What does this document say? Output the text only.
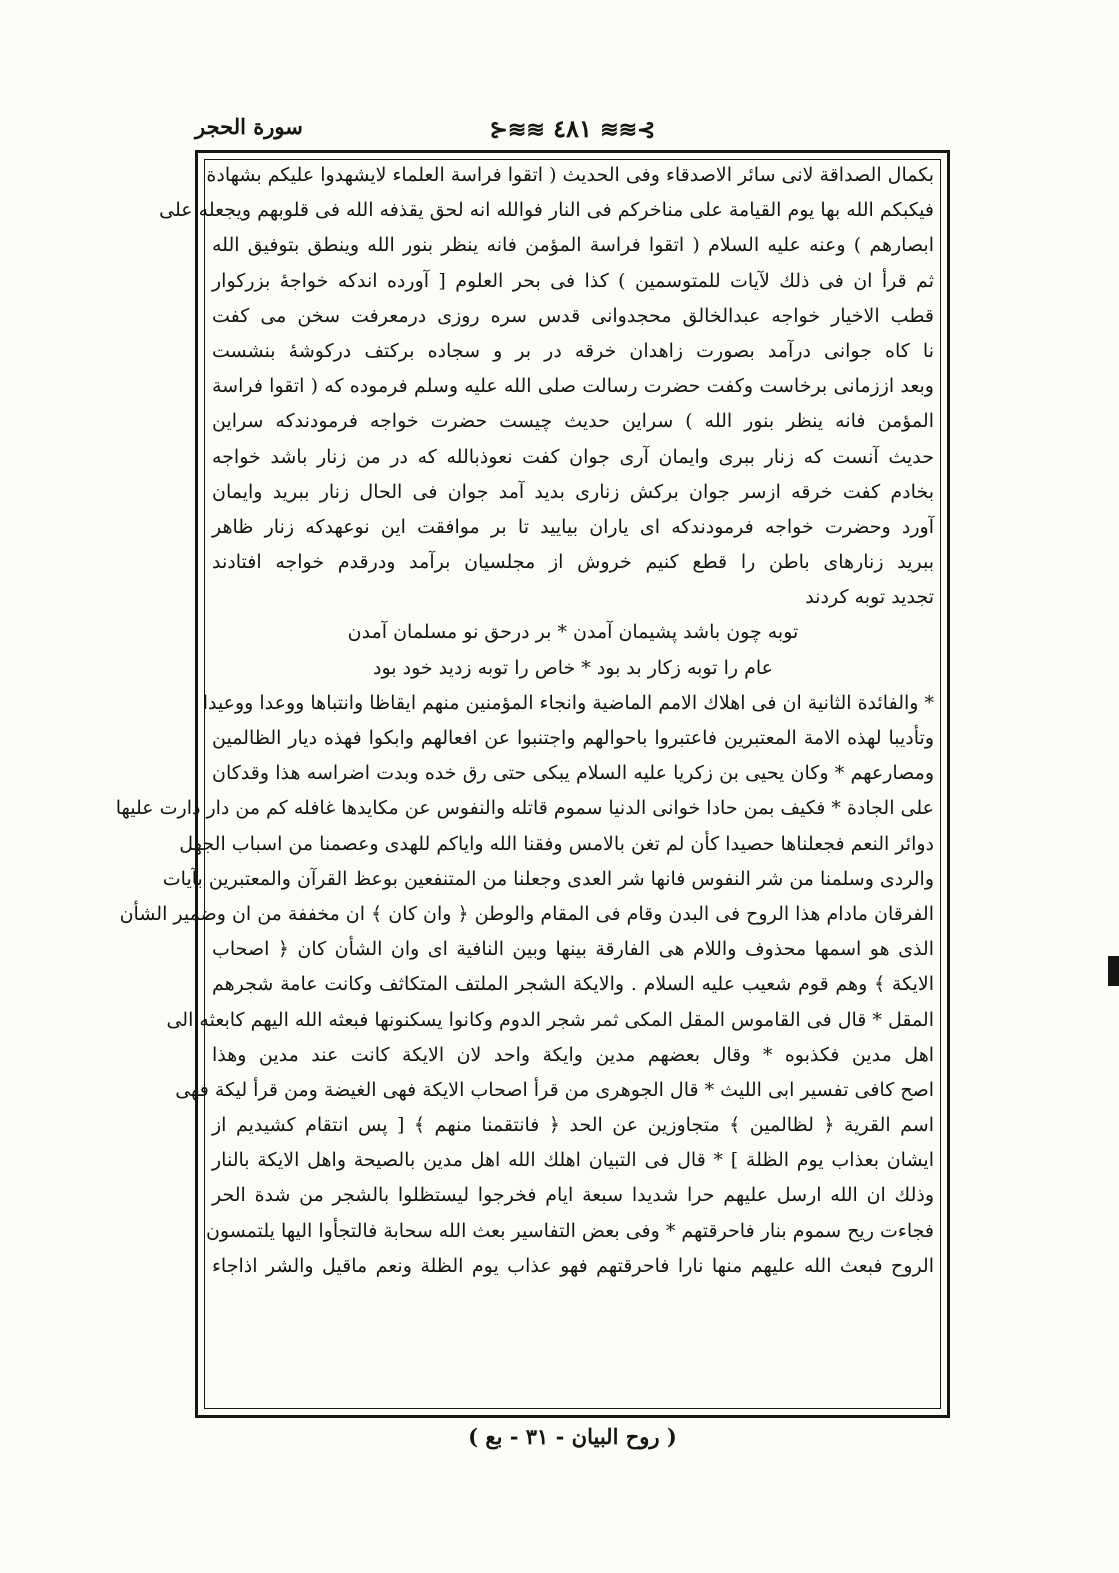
سورة الحجر	⊱≋≋ ٤٨١ ≋≋⊰
بكمال الصداقة لانى سائر الاصدقاء وفى الحديث ( اتقوا فراسة العلماء لايشهدوا عليكم بشهادة
فيكبكم الله بها يوم القيامة على مناخركم فى النار فوالله انه لحق يقذفه الله فى قلوبهم ويجعله على
ابصارهم ) وعنه عليه السلام ( اتقوا فراسة المؤمن فانه ينظر بنور الله وينطق بتوفيق الله
ثم قرأ ان فى ذلك لآيات للمتوسمين ) كذا فى بحر العلوم [ آورده اندكه خواجهٔ بزركوار
قطب الاخيار خواجه عبدالخالق محجدوانى قدس سره روزى درمعرفت سخن مى كفت
نا كاه جوانى درآمد بصورت زاهدان خرقه در بر و سجاده بركتف دركوشهٔ بنشست
وبعد اززمانى برخاست وكفت حضرت رسالت صلى الله عليه وسلم فرموده كه ( اتقوا فراسة
المؤمن فانه ينظر بنور الله ) سراين حديث چيست حضرت خواجه فرمودندكه سراين
حديث آنست كه زنار ببرى وايمان آرى جوان كفت نعوذبالله كه در من زنار باشد خواجه
بخادم كفت خرقه ازسر جوان بركش زنارى بديد آمد جوان فى الحال زنار ببريد وايمان
آورد وحضرت خواجه فرمودندكه اى ياران بياييد تا بر موافقت اين نوعهدكه زنار ظاهر
ببريد زنارهاى باطن را قطع كنيم خروش از مجلسيان برآمد ودرقدم خواجه افتادند
تجديد توبه كردند
توبه چون باشد پشيمان آمدن * بر درحق نو مسلمان آمدن
عام را توبه زكار بد بود * خاص را توبه زديد خود بود
* والفائدة الثانية ان فى اهلاك الامم الماضية وانجاء المؤمنين منهم ايقاظا وانتباها ووعدا ووعيدا
وتأديبا لهذه الامة المعتبرين فاعتبروا باحوالهم واجتنبوا عن افعالهم وابكوا فهذه ديار الظالمين
ومصارعهم * وكان يحيى بن زكريا عليه السلام يبكى حتى رق خده وبدت اضراسه هذا وقدكان
على الجادة * فكيف بمن حادا خوانى الدنيا سموم قاتله والنفوس عن مكايدها غافله كم من دار دارت عليها
دوائر النعم فجعلناها حصيدا كأن لم تغن بالامس وفقنا الله واياكم للهدى وعصمنا من اسباب الجهل
والردى وسلمنا من شر النفوس فانها شر العدى وجعلنا من المتنفعين بوعظ القرآن والمعتبرين بآيات
الفرقان مادام هذا الروح فى البدن وقام فى المقام والوطن ﴿ وان كان ﴾ ان مخففة من ان وضمير الشأن
الذى هو اسمها محذوف واللام هى الفارقة بينها وبين النافية اى وان الشأن كان ﴿ اصحاب
الايكة ﴾ وهم قوم شعيب عليه السلام . والايكة الشجر الملتف المتكاثف وكانت عامة شجرهم
المقل * قال فى القاموس المقل المكى ثمر شجر الدوم وكانوا يسكنونها فبعثه الله اليهم كابعثه الى
اهل مدين فكذبوه * وقال بعضهم مدين وايكة واحد لان الايكة كانت عند مدين وهذا
اصح كافى تفسير ابى الليث * قال الجوهرى من قرأ اصحاب الايكة فهى الغيضة ومن قرأ ليكة فهى
اسم القرية ﴿ لظالمين ﴾ متجاوزين عن الحد ﴿ فانتقمنا منهم ﴾ [ پس انتقام كشيديم از
ايشان بعذاب يوم الظلة ] * قال فى التبيان اهلك الله اهل مدين بالصيحة واهل الايكة بالنار
وذلك ان الله ارسل عليهم حرا شديدا سبعة ايام فخرجوا ليستظلوا بالشجر من شدة الحر
فجاءت ريح سموم بنار فاحرقتهم * وفى بعض التفاسير بعث الله سحابة فالتجأوا اليها يلتمسون
الروح فبعث الله عليهم منها نارا فاحرقتهم فهو عذاب يوم الظلة ونعم ماقيل والشر اذاجاء
( روح البيان - ٣١ - بع )
